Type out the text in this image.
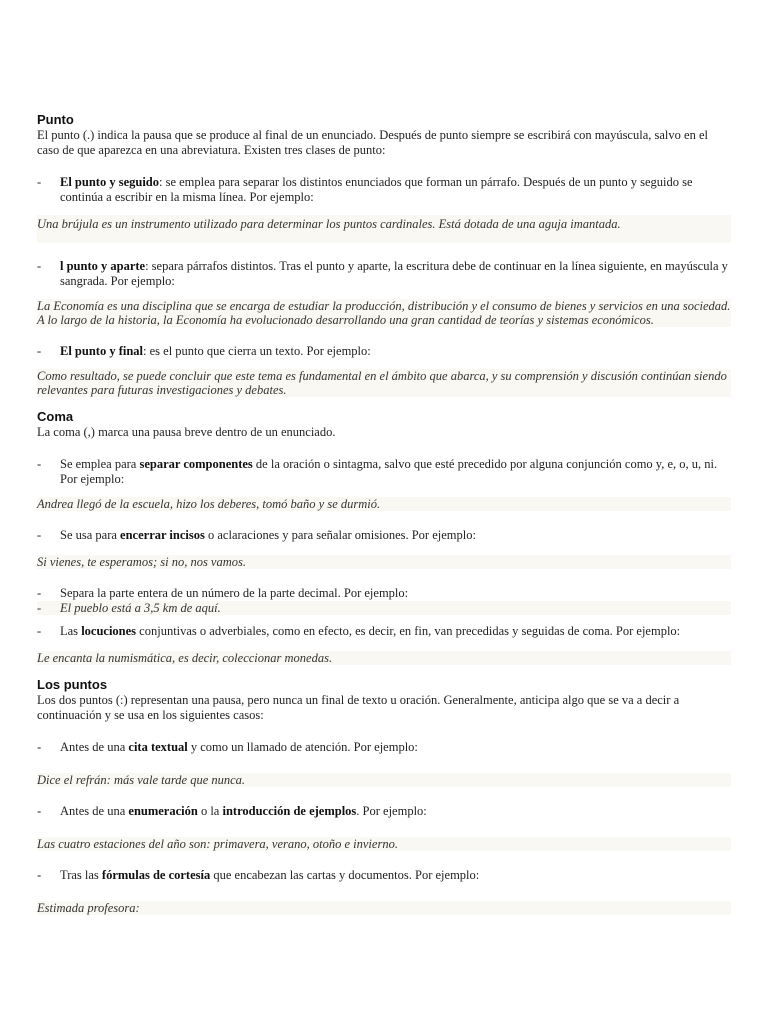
Punto

El punto (.) indica la pausa que se produce al final de un enunciado. Después de punto siempre se escribirá con mayúscula, salvo en el caso de que aparezca en una abreviatura. Existen tres clases de punto:

- El punto y seguido: se emplea para separar los distintos enunciados que forman un párrafo. Después de un punto y seguido se continúa a escribir en la misma línea. Por ejemplo:
Una brújula es un instrumento utilizado para determinar los puntos cardinales. Está dotada de una aguja imantada.
- l punto y aparte: separa párrafos distintos. Tras el punto y aparte, la escritura debe de continuar en la línea siguiente, en mayúscula y sangrada. Por ejemplo:
La Economía es una disciplina que se encarga de estudiar la producción, distribución y el consumo de bienes y servicios en una sociedad.
A lo largo de la historia, la Economía ha evolucionado desarrollando una gran cantidad de teorías y sistemas económicos.
- El punto y final: es el punto que cierra un texto. Por ejemplo:
Como resultado, se puede concluir que este tema es fundamental en el ámbito que abarca, y su comprensión y discusión continúan siendo relevantes para futuras investigaciones y debates.
Coma

La coma (,) marca una pausa breve dentro de un enunciado.

- Se emplea para separar componentes de la oración o sintagma, salvo que esté precedido por alguna conjunción como y, e, o, u, ni. Por ejemplo:
Andrea llegó de la escuela, hizo los deberes, tomó baño y se durmió.
- Se usa para encerrar incisos o aclaraciones y para señalar omisiones. Por ejemplo:
Si vienes, te esperamos; si no, nos vamos.
- Separa la parte entera de un número de la parte decimal. Por ejemplo:
- El pueblo está a 3,5 km de aquí.
- Las locuciones conjuntivas o adverbiales, como en efecto, es decir, en fin, van precedidas y seguidas de coma. Por ejemplo:
Le encanta la numismática, es decir, coleccionar monedas.
Los puntos

Los dos puntos (:) representan una pausa, pero nunca un final de texto u oración. Generalmente, anticipa algo que se va a decir a continuación y se usa en los siguientes casos:

- Antes de una cita textual y como un llamado de atención. Por ejemplo:
Dice el refrán: más vale tarde que nunca.
- Antes de una enumeración o la introducción de ejemplos. Por ejemplo:
Las cuatro estaciones del año son: primavera, verano, otoño e invierno.
- Tras las fórmulas de cortesía que encabezan las cartas y documentos. Por ejemplo:
Estimada profesora:
